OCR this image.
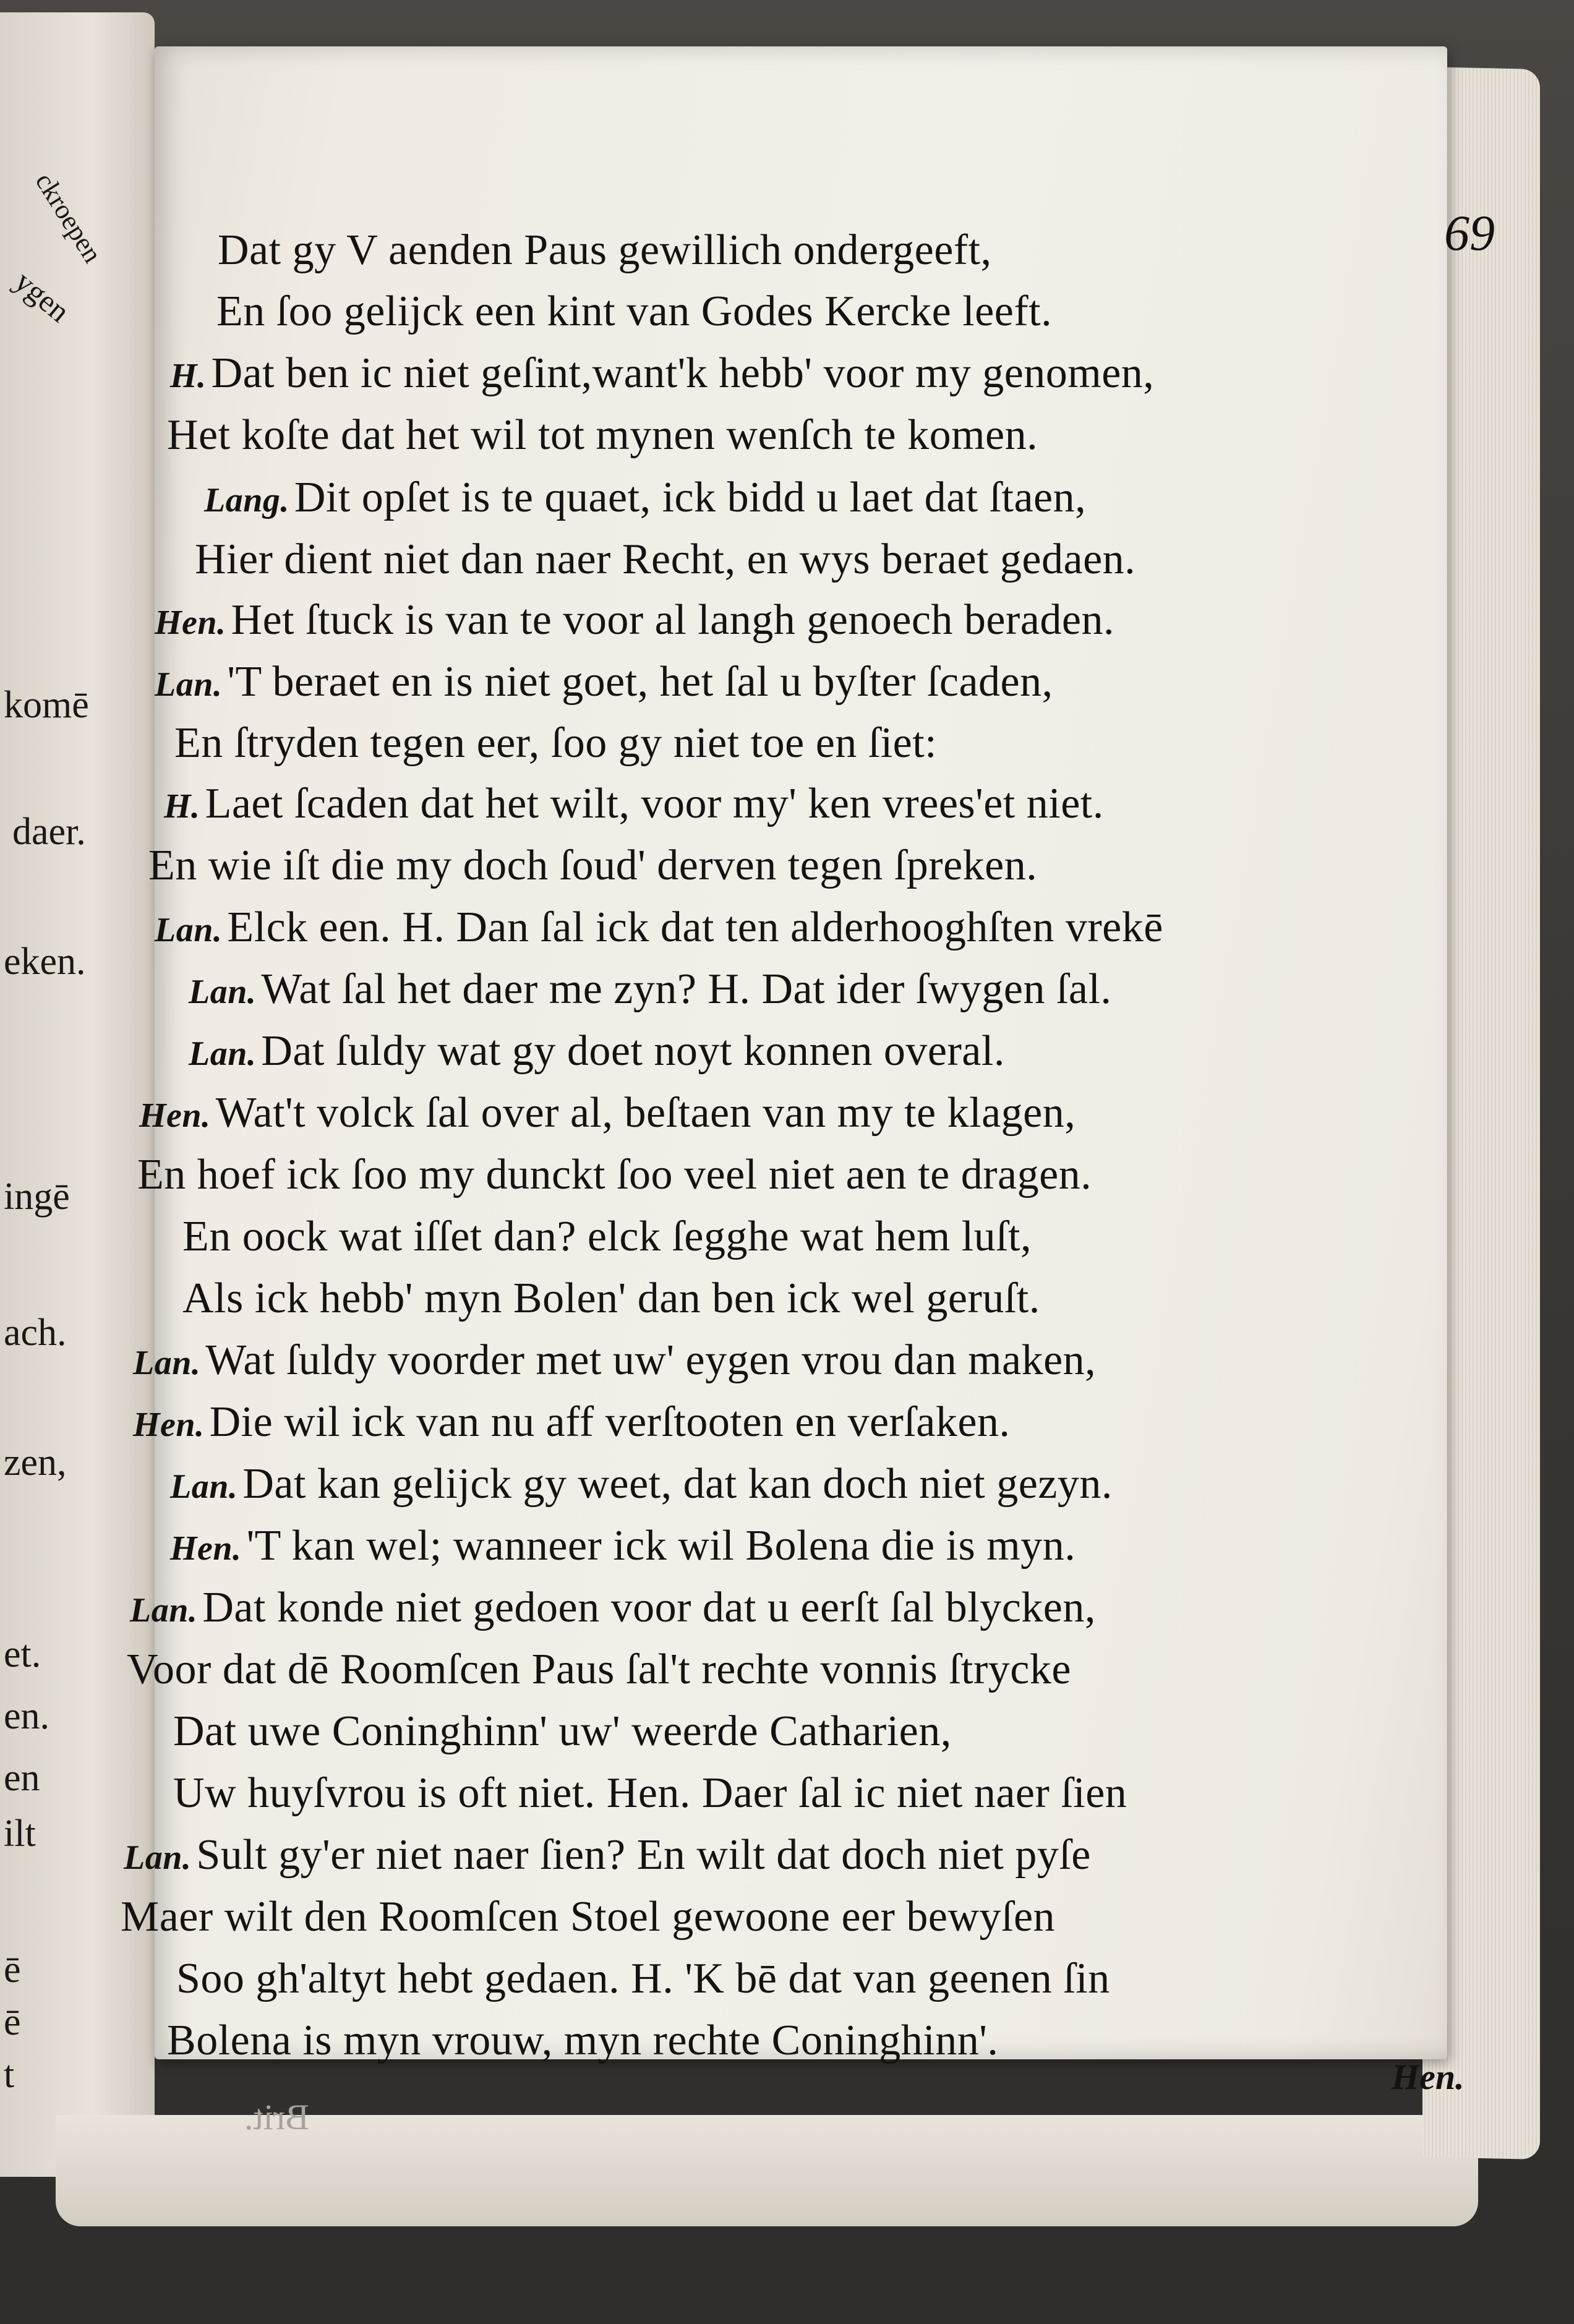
ckroepen
ygen
komē
daer.
eken.
ingē
ach.
zen,
et.
en.
en
ilt
ē
ē
t
69
Dat gy V aenden Paus gewillich ondergeeft,
En ſoo gelijck een kint van Godes Kercke leeft.
H. Dat ben ic niet geſint,want'k hebb' voor my genomen,
Het koſte dat het wil tot mynen wenſch te komen.
Lang. Dit opſet is te quaet, ick bidd u laet dat ſtaen,
Hier dient niet dan naer Recht, en wys beraet gedaen.
Hen. Het ſtuck is van te voor al langh genoech beraden.
Lan. 'T beraet en is niet goet, het ſal u byſter ſcaden,
En ſtryden tegen eer, ſoo gy niet toe en ſiet:
H. Laet ſcaden dat het wilt, voor my' ken vrees'et niet.
En wie iſt die my doch ſoud' derven tegen ſpreken.
Lan. Elck een. H. Dan ſal ick dat ten alderhooghſten vrekē
Lan. Wat ſal het daer me zyn? H. Dat ider ſwygen ſal.
Lan. Dat ſuldy wat gy doet noyt konnen overal.
Hen. Wat't volck ſal over al, beſtaen van my te klagen,
En hoef ick ſoo my dunckt ſoo veel niet aen te dragen.
En oock wat iſſet dan? elck ſegghe wat hem luſt,
Als ick hebb' myn Bolen' dan ben ick wel geruſt.
Lan. Wat ſuldy voorder met uw' eygen vrou dan maken,
Hen. Die wil ick van nu aff verſtooten en verſaken.
Lan. Dat kan gelijck gy weet, dat kan doch niet gezyn.
Hen. 'T kan wel; wanneer ick wil Bolena die is myn.
Lan. Dat konde niet gedoen voor dat u eerſt ſal blycken,
Voor dat dē Roomſcen Paus ſal't rechte vonnis ſtrycke
Dat uwe Coninghinn' uw' weerde Catharien,
Uw huyſvrou is oft niet. Hen. Daer ſal ic niet naer ſien
Lan. Sult gy'er niet naer ſien? En wilt dat doch niet pyſe
Maer wilt den Roomſcen Stoel gewoone eer bewyſen
Soo gh'altyt hebt gedaen. H. 'K bē dat van geenen ſin
Bolena is myn vrouw, myn rechte Coninghinn'.
Hen.
Brit.
